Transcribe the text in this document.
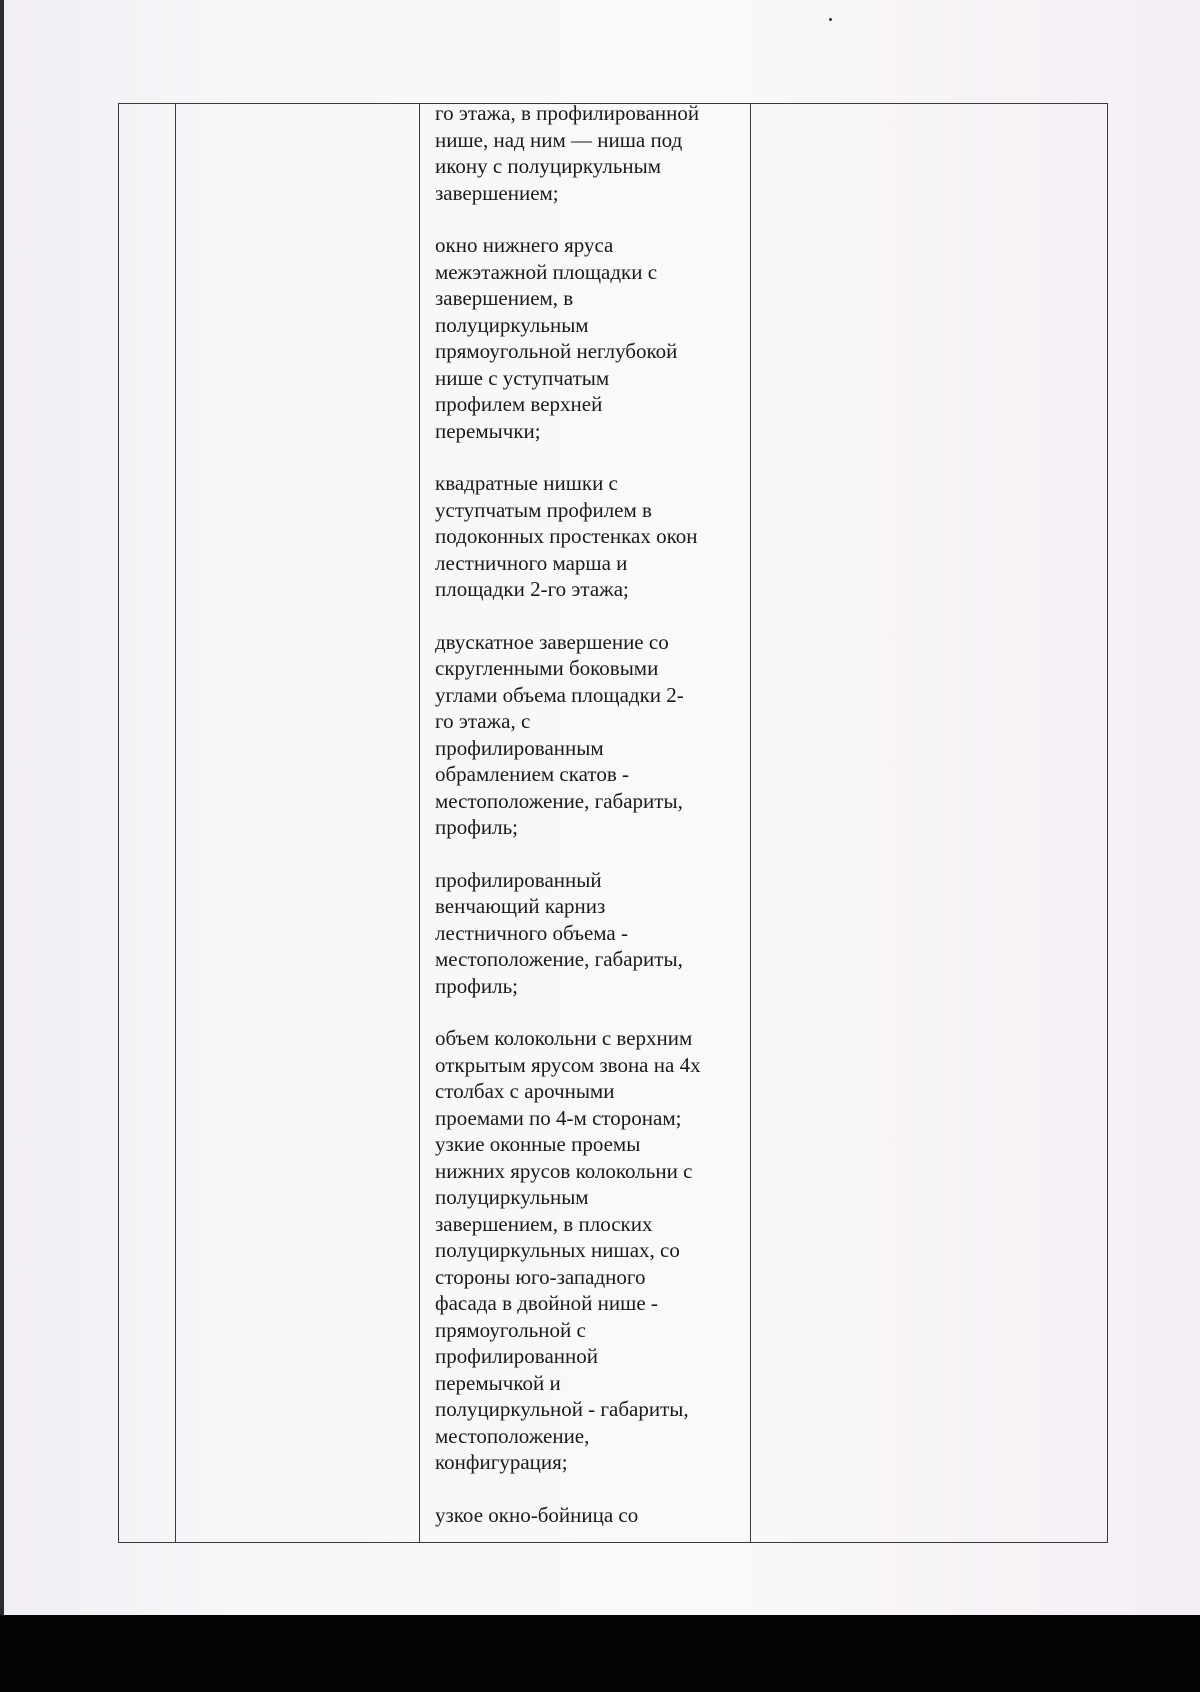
го этажа, в профилированной
нише, над ним — ниша под
икону с полуциркульным
завершением;

окно нижнего яруса
межэтажной площадки с
завершением, в
полуциркульным
прямоугольной неглубокой
нише с уступчатым
профилем верхней
перемычки;

квадратные нишки с
уступчатым профилем в
подоконных простенках окон
лестничного марша и
площадки 2-го этажа;

двускатное завершение со
скругленными боковыми
углами объема площадки 2-
го этажа, с
профилированным
обрамлением скатов -
местоположение, габариты,
профиль;

профилированный
венчающий карниз
лестничного объема -
местоположение, габариты,
профиль;

объем колокольни с верхним
открытым ярусом звона на 4х
столбах с арочными
проемами по 4-м сторонам;
узкие оконные проемы
нижних ярусов колокольни с
полуциркульным
завершением, в плоских
полуциркульных нишах, со
стороны юго-западного
фасада в двойной нише -
прямоугольной с
профилированной
перемычкой и
полуциркульной - габариты,
местоположение,
конфигурация;

узкое окно-бойница со
